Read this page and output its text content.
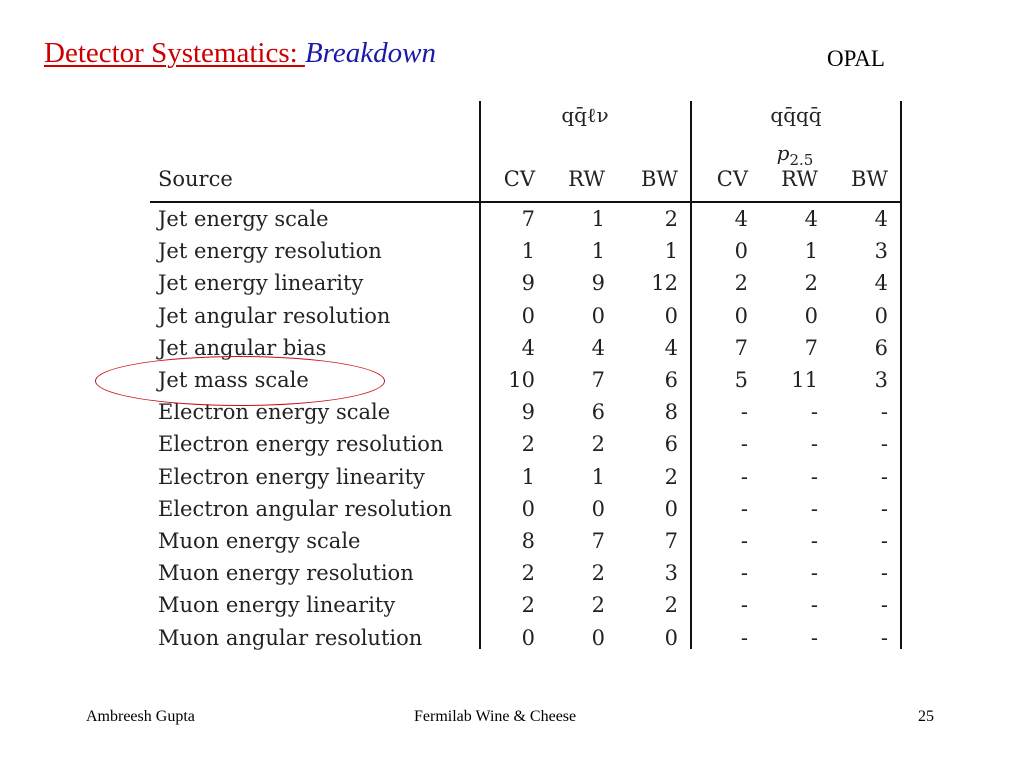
Detector Systematics: Breakdown	OPAL
qq̄ℓν	qq̄qq̄
$p_{2.5}$
Source	CV	RW	BW	CV	RW	BW
Jet energy scale	7	1	2	4	4	4
Jet energy resolution	1	1	1	0	1	3
Jet energy linearity	9	9	12	2	2	4
Jet angular resolution	0	0	0	0	0	0
Jet angular bias	4	4	4	7	7	6
Jet mass scale	10	7	6	5	11	3
Electron energy scale	9	6	8	-	-	-
Electron energy resolution	2	2	6	-	-	-
Electron energy linearity	1	1	2	-	-	-
Electron angular resolution	0	0	0	-	-	-
Muon energy scale	8	7	7	-	-	-
Muon energy resolution	2	2	3	-	-	-
Muon energy linearity	2	2	2	-	-	-
Muon angular resolution	0	0	0	-	-	-
Ambreesh Gupta	Fermilab Wine & Cheese	25
